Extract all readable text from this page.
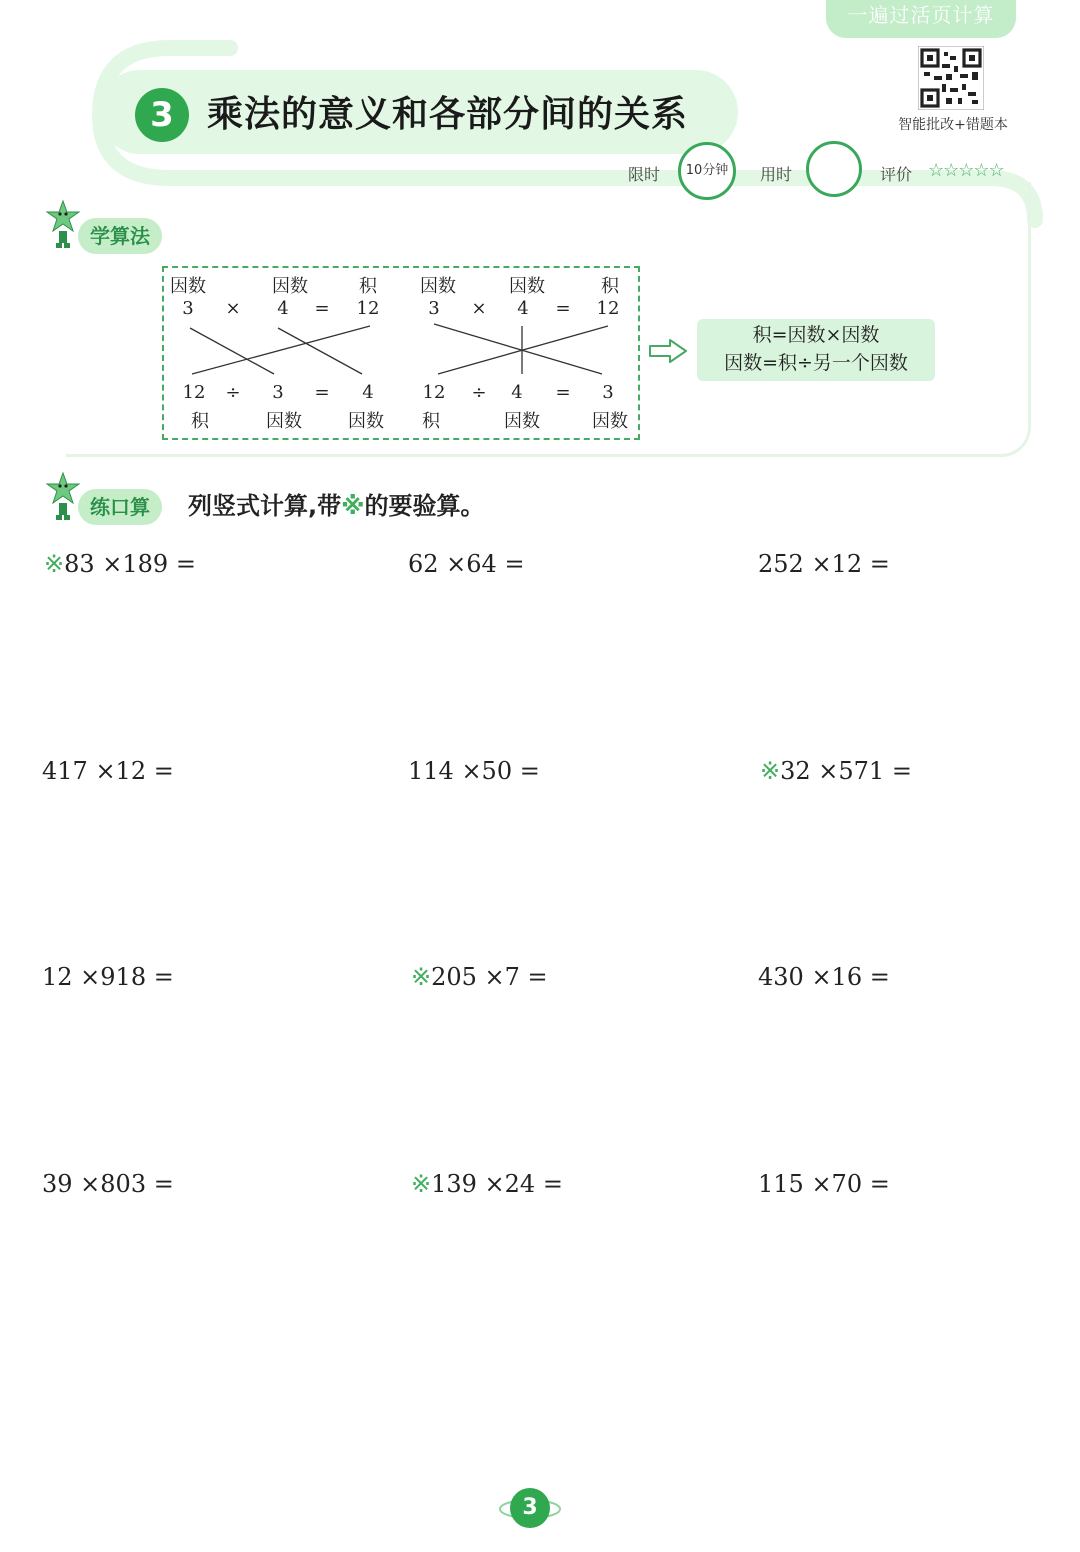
一遍过活页计算
3 乘法的意义和各部分间的关系	智能批改+错题本
限时	10分钟	用时	评价 ☆☆☆☆☆
学算法
因数	因数	积
3	×	4	=	12
12	÷	3	=	4
积	因数	因数
因数	因数	积
3	×	4	=	12
12	÷	4	=	3
积	因数	因数
积=因数×因数
因数=积÷另一个因数
练口算	列竖式计算,带※的要验算。
※83 ×189 =	62 ×64 =	252 ×12 =
417 ×12 =	114 ×50 =	※32 ×571 =
12 ×918 =	※205 ×7 =	430 ×16 =
39 ×803 =	※139 ×24 =	115 ×70 =
3
